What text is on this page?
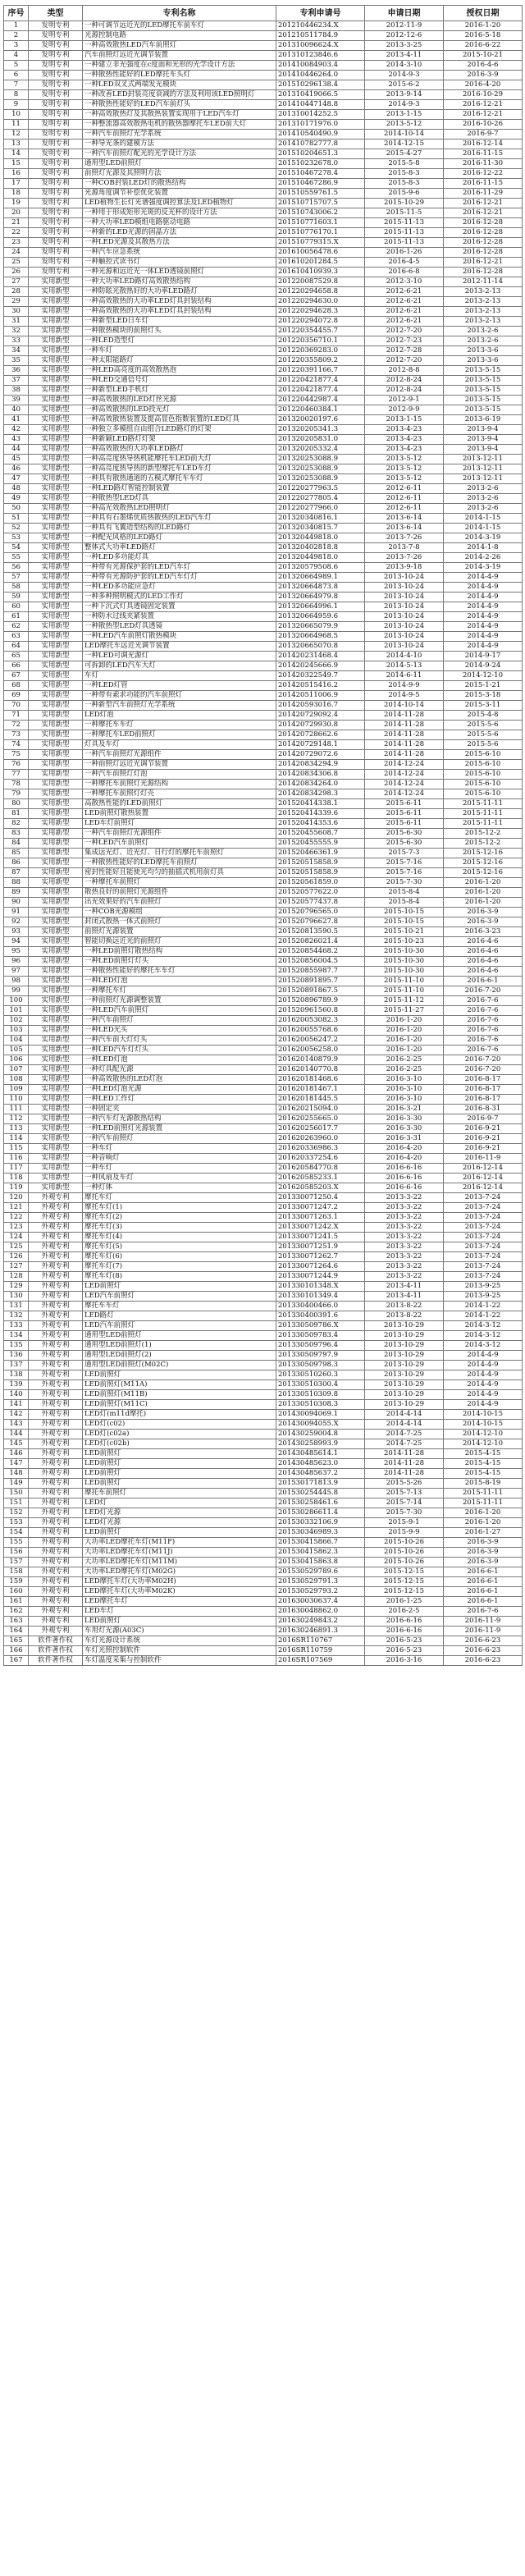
序号	类型	专利名称	专利申请号	申请日期	授权日期
1	发明专利	一种可调节远近光的LED摩托车前车灯	201210446234.X	2012-11-9	2016-1-20
2	发明专利	光源控制电路	201210511784.9	2012-12-6	2016-5-18
3	发明专利	一种高效散热LED汽车前照灯	201310096624.X	2013-3-25	2016-6-22
4	发明专利	汽车前照灯远近光调节装置	201310123846.6	2013-4-11	2015-10-21
5	发明专利	一种建立非光强度在c度面和光形的光学设计方法	201410084903.4	2014-3-10	2016-4-6
6	发明专利	一种散热性能好的LED摩托车头灯	201410446264.0	2014-9-3	2016-3-9
7	发明专利	一种LED双叉式两端发光模块	201510296138.4	2015-6-2	2016-4-20
8	发明专利	一种改善LED封装亮度衰减的方法及利用该LED照明灯	201310419066.5	2013-9-14	2016-10-29
9	发明专利	一种散热性能好的LED汽车前灯头	201410447148.8	2014-9-3	2016-12-21
10	发明专利	一种高效散热灯及其散热装置实现用于LED汽车灯	201310014252.5	2013-1-15	2016-12-21
11	发明专利	一种整流器高效散热电机的散热器摩托车LED前大灯	201310171976.0	2013-5-12	2016-10-26
12	发明专利	一种汽车前照灯光学系统	201410540490.9	2014-10-14	2016-9-7
13	发明专利	一种导光条的建模方法	201410782777.8	2014-12-15	2016-12-14
14	发明专利	一种汽车前照灯配光的光学设计方法	201510204651.3	2015-4-27	2016-11-15
15	发明专利	通用型LED前照灯	201510232678.0	2015-5-8	2016-11-30
16	发明专利	前照灯光源及其照明方法	201510467278.4	2015-8-3	2016-12-22
17	发明专利	一种COB封装LED灯的散热结构	201510467286.9	2015-8-3	2016-11-15
18	发明专利	光源角度调节补偿优化装置	201510559761.5	2015-9-6	2016-11-29
19	发明专利	LED植物生长灯光谱强度调控算法及LED植物灯	201510715707.5	2015-10-29	2016-12-21
20	发明专利	一种用于形成矩形光斑的反光杯的设计方法	201510743006.2	2015-11-5	2016-12-21
21	发明专利	一种大功率LED模组电路驱动电路	201510771603.1	2015-11-13	2016-12-28
22	发明专利	一种新的LED光源的固晶方法	201510776170.1	2015-11-13	2016-12-28
23	发明专利	一种LED光源及其散热方法	201510779315.X	2015-11-13	2016-12-28
24	发明专利	一种汽车应急系统	201610056478.6	2016-1-26	2016-12-28
25	发明专利	一种触控式读书灯	201610201284.5	2016-4-5	2016-12-21
26	发明专利	一种光源和远近光一体LED透镜前照灯	201610410939.3	2016-6-8	2016-12-28
27	实用新型	一种大功率LED路灯高效散热结构	201220087529.8	2012-3-10	2012-11-14
28	实用新型	一种防眩光散热好的大功率LED路灯	201220294658.8	2012-6-21	2013-2-13
29	实用新型	一种高效散热的大功率LED灯具封装结构	201220294630.0	2012-6-21	2013-2-13
30	实用新型	一种高效散热的大功率LED灯具封装结构	201220294628.3	2012-6-21	2013-2-13
31	实用新型	一种新型LED日车灯	201220294072.8	2012-6-21	2013-2-13
32	实用新型	一种散热模块的前照灯头	201220354455.7	2012-7-20	2013-2-6
33	实用新型	一种LED造型灯	201220356710.1	2012-7-23	2013-2-6
34	实用新型	一种车灯	201220369283.0	2012-7-28	2013-3-6
35	实用新型	一种太阳能路灯	201220355809.2	2012-7-20	2013-3-6
36	实用新型	一种LED高亮度的高效散热泡	201220391166.7	2012-8-8	2013-5-15
37	实用新型	一种LED交通信号灯	201220421877.4	2012-8-24	2013-5-15
38	实用新型	一种新型LED手机灯	201220421877.4	2012-8-24	2013-5-15
39	实用新型	一种高效散热的LED灯丝光源	201220442987.4	2012-9-1	2013-5-15
40	实用新型	一种高效散热的LED投光灯	201220460384.1	2012-9-9	2013-5-15
41	实用新型	一种高效散热装置及提高显色指数装置的LED灯具	201320020197.6	2013-1-15	2013-6-19
42	实用新型	一种独立多模组自由组合LED路灯的灯架	201320205341.3	2013-4-23	2013-9-4
43	实用新型	一种新颖LED路灯灯架	201320205831.0	2013-4-23	2013-9-4
44	实用新型	一种高效散热的大功率LED路灯	201320205332.4	2013-4-23	2013-9-4
45	实用新型	一种高亮度热导热机能摩托车LED前大灯	201320253088.9	2013-5-12	2013-12-11
46	实用新型	一种高亮度热导热的新型摩托车LED车灯	201320253088.9	2013-5-12	2013-12-11
47	实用新型	一种具有散热通道的五模式摩托车车灯	201320253088.9	2013-5-12	2013-12-11
48	实用新型	一种LED路灯智能控制装置	201220277963.5	2012-6-11	2013-2-6
49	实用新型	一种散热型LED灯具	201220277805.4	2012-6-11	2013-2-6
50	实用新型	一种高光效散热LED照明灯	201220277966.0	2012-6-11	2013-2-6
51	实用新型	一种具有石墨烯优质热散热的LED汽车灯	201320340816.1	2013-6-14	2014-1-15
52	实用新型	一种具有飞翼造型结构的LED路灯	201320340815.7	2013-6-14	2014-1-15
53	实用新型	一种配光风格的LED路灯	201320449818.0	2013-7-26	2014-3-19
54	实用新型	整体式大功率LED路灯	201320402818.8	2013-7-8	2014-1-8
55	实用新型	一种LED多功能灯具	201320449818.0	2013-7-26	2014-2-26
56	实用新型	一种带有光源保护套的LED汽车灯	201320579508.6	2013-9-18	2014-3-19
57	实用新型	一种带有光源防护套的LED汽车灯灯	201320664989.1	2013-10-24	2014-4-9
58	实用新型	一种LED多功能应急灯	201320664873.8	2013-10-24	2014-4-9
59	实用新型	一种多种照明模式的LED工作灯	201320664979.8	2013-10-24	2014-4-9
60	实用新型	一种下沉式灯具透镜固定装置	201320664996.1	2013-10-24	2014-4-9
61	实用新型	一种防水过线夹紧装置	201320664959.6	2013-10-24	2014-4-9
62	实用新型	一种散热型LED灯具透镜	201320665079.9	2013-10-24	2014-4-9
63	实用新型	一种LED汽车前照灯散热模块	201320664968.5	2013-10-24	2014-4-9
64	实用新型	LED摩托车远近光调节装置	201320665070.8	2013-10-24	2014-4-9
65	实用新型	一种LED可调光源灯	201420231468.4	2014-4-10	2014-9-17
66	实用新型	可拆卸的LED汽车大灯	201420245666.9	2014-5-13	2014-9-24
67	实用新型	车灯	201420322549.7	2014-6-11	2014-12-10
68	实用新型	一种LED灯管	201420515416.2	2014-9-9	2015-1-21
69	实用新型	一种带有索求功能的汽车前照灯	201420511006.9	2014-9-5	2015-3-18
70	实用新型	一种新型汽车前照灯光学系统	201420593016.7	2014-10-14	2015-3-11
71	实用新型	LED灯泡	201420729092.4	2014-11-28	2015-4-8
72	实用新型	一种摩托车车灯	201420729930.8	2014-11-28	2015-5-6
73	实用新型	一种摩托车LED前照灯	201420728662.6	2014-11-28	2015-5-6
74	实用新型	灯具及车灯	201420729148.1	2014-11-28	2015-5-6
75	实用新型	一种汽车前照灯光源组件	201420729072.6	2014-11-28	2015-6-10
76	实用新型	一种前照灯远近光调节装置	201420834294.9	2014-12-24	2015-6-10
77	实用新型	一种汽车前照灯灯泡	201420834306.8	2014-12-24	2015-6-10
78	实用新型	一种摩托车前照灯光源结构	201420834264.0	2014-12-24	2015-6-10
79	实用新型	一种摩托车前照灯灯壳	201420834298.3	2014-12-24	2015-6-10
80	实用新型	高散热性能的LED前照灯	201520414338.1	2015-6-11	2015-11-11
81	实用新型	LED前照灯散热装置	201520414339.6	2015-6-11	2015-11-11
82	实用新型	LED车灯前照灯	201520414353.6	2015-6-11	2015-11-11
83	实用新型	一种汽车前照灯光源组件	201520455608.7	2015-6-30	2015-12-2
84	实用新型	一种LED汽车前照灯	201520455555.9	2015-6-30	2015-12-2
85	实用新型	集成远光灯、近光灯、日行灯的摩托车前照灯	201520466361.9	2015-7-3	2015-12-16
86	实用新型	一种散热性能好的LED摩托车前照灯	201520515858.9	2015-7-16	2015-12-16
87	实用新型	密封性能好且能使光均匀的抽插式机用前灯具	201520515858.9	2015-7-16	2015-12-16
88	实用新型	一种摩托车前照灯	201520561859.0	2015-7-30	2016-1-20
89	实用新型	散热良好的前照灯光源组件	201520577622.0	2015-8-4	2016-1-20
90	实用新型	出光效果好的汽车前照灯	201520577437.8	2015-8-4	2016-1-20
91	实用新型	一种COB光源模组	201520796565.0	2015-10-15	2016-3-9
92	实用新型	封闭式散热一体式前照灯	201520796627.8	2015-10-15	2016-3-9
93	实用新型	前照灯光源装置	201520813590.5	2015-10-21	2016-3-23
94	实用新型	智能切换远近光的前照灯	201520826021.4	2015-10-23	2016-4-6
95	实用新型	一种LED前照灯散热结构	201520854468.2	2015-10-30	2016-4-6
96	实用新型	一种LED前照灯灯头	201520856004.5	2015-10-30	2016-4-6
97	实用新型	一种散热性能好的摩托车车灯	201520855987.7	2015-10-30	2016-4-6
98	实用新型	一种LED灯泡	201520891895.7	2015-11-10	2016-6-1
99	实用新型	一种摩托车灯	201520891867.5	2015-11-10	2016-7-20
100	实用新型	一种前照灯光源调整装置	201520896789.9	2015-11-12	2016-7-6
101	实用新型	一种LED汽车前照灯	201520961560.8	2015-11-27	2016-7-6
102	实用新型	一种汽车前照灯	201620053082.3	2016-1-20	2016-7-6
103	实用新型	一种LED光头	201620055768.6	2016-1-20	2016-7-6
104	实用新型	一种汽车前大灯灯头	201620056247.2	2016-1-20	2016-7-6
105	实用新型	一种LED汽车灯灯头	201620056258.0	2016-1-20	2016-7-6
106	实用新型	一种LED灯泡	201620140879.9	2016-2-25	2016-7-20
107	实用新型	一种灯具配光源	201620140770.8	2016-2-25	2016-7-20
108	实用新型	一种高效散热的LED灯泡	201620181468.6	2016-3-10	2016-8-17
109	实用新型	一种LED灯泡光源	201620181467.1	2016-3-10	2016-8-17
110	实用新型	一种LED工作灯	201620181445.5	2016-3-10	2016-8-17
111	实用新型	一种固定夹	201620215094.0	2016-3-21	2016-8-31
112	实用新型	一种汽车灯光源散热结构	201620255665.0	2016-3-30	2016-9-7
113	实用新型	一种LED前照灯光源装置	201620256017.7	2016-3-30	2016-9-21
114	实用新型	一种汽车前照灯	201620263960.0	2016-3-31	2016-9-21
115	实用新型	一种车灯	201620336986.3	2016-4-20	2016-9-21
116	实用新型	一种音响灯	201620337254.6	2016-4-20	2016-11-9
117	实用新型	一种车灯	201620584770.8	2016-6-16	2016-12-14
118	实用新型	一种风扇及车灯	201620585233.1	2016-6-16	2016-12-14
119	实用新型	一种灯体	201620585203.X	2016-6-16	2016-12-14
120	外观专利	摩托车灯	201330071250.4	2013-3-22	2013-7-24
121	外观专利	摩托车灯(1)	201330071247.2	2013-3-22	2013-7-24
122	外观专利	摩托车灯(2)	201330071263.1	2013-3-22	2013-7-24
123	外观专利	摩托车灯(3)	201330071242.X	2013-3-22	2013-7-24
124	外观专利	摩托车灯(4)	201330071241.5	2013-3-22	2013-7-24
125	外观专利	摩托车灯(5)	201330071251.9	2013-3-22	2013-7-24
126	外观专利	摩托车灯(6)	201330071262.7	2013-3-22	2013-7-24
127	外观专利	摩托车灯(7)	201330071264.6	2013-3-22	2013-7-24
128	外观专利	摩托车灯(8)	201330071244.9	2013-3-22	2013-7-24
129	外观专利	LED前照灯	201330101348.X	2013-4-11	2013-9-25
130	外观专利	LED汽车前照灯	201330101349.4	2013-4-11	2013-9-25
131	外观专利	摩托车车灯	201330400466.0	2013-8-22	2014-1-22
132	外观专利	LED路灯	201330400391.6	2013-8-22	2014-1-22
133	外观专利	LED汽车前照灯	201330509786.X	2013-10-29	2014-3-12
134	外观专利	通用型LED前照灯	201330509783.4	2013-10-29	2014-3-12
135	外观专利	通用型LED前照灯(1)	201330509796.4	2013-10-29	2014-3-12
136	外观专利	通用型LED前照灯(2)	201330509797.9	2013-10-29	2014-4-9
137	外观专利	通用型LED前照灯(M02C)	201330509798.3	2013-10-29	2014-4-9
138	外观专利	LED前照灯	201330510260.3	2013-10-29	2014-4-9
139	外观专利	LED前照灯(M11A)	201330510300.4	2013-10-29	2014-4-9
140	外观专利	LED前照灯(M11B)	201330510309.8	2013-10-29	2014-4-9
141	外观专利	LED前照灯(M11C)	201330510308.3	2013-10-29	2014-4-9
142	外观专利	LED灯(m11d摩托)	201430094069.1	2014-4-14	2014-10-15
143	外观专利	LED灯(c02)	201430094055.X	2014-4-14	2014-10-15
144	外观专利	LED灯(c02a)	201430259004.8	2014-7-25	2014-12-10
145	外观专利	LED灯(c02b)	201430258993.9	2014-7-25	2014-12-10
146	外观专利	LED前照灯	201430485614.1	2014-11-28	2015-4-15
147	外观专利	LED前照灯	201430485623.0	2014-11-28	2015-4-15
148	外观专利	LED前照灯	201430485637.2	2014-11-28	2015-4-15
149	外观专利	LED前照灯	201530171813.9	2015-5-26	2015-8-19
150	外观专利	摩托车前照灯	201530254445.8	2015-7-13	2015-11-11
151	外观专利	LED灯	201530258461.6	2015-7-14	2015-11-11
152	外观专利	LED灯光源	201530286611.4	2015-7-30	2016-1-20
153	外观专利	LED灯光源	201530332106.9	2015-9-1	2016-1-20
154	外观专利	LED前照灯	201530346989.3	2015-9-9	2016-1-27
155	外观专利	大功率LED摩托车灯(M11F)	201530415866.7	2015-10-26	2016-3-9
156	外观专利	大功率LED摩托车灯(M11J)	201530415862.3	2015-10-26	2016-3-9
157	外观专利	大功率LED摩托车灯(M11M)	201530415863.8	2015-10-26	2016-3-9
158	外观专利	大功率LED摩托车灯(M02G)	201530529789.6	2015-12-15	2016-6-1
159	外观专利	LED摩托车灯(大功率M02H)	201530529791.3	2015-12-15	2016-6-1
160	外观专利	LED摩托车灯(大功率M02K)	201530529793.2	2015-12-15	2016-6-1
161	外观专利	LED摩托车灯	201630030637.4	2016-1-25	2016-6-1
162	外观专利	LED车灯	201630048862.0	2016-2-5	2016-7-6
163	外观专利	LED前照灯	201630249843.2	2016-6-16	2016-11-9
164	外观专利	车用灯光源(A03C)	201630246891.3	2016-6-16	2016-11-9
165	软件著作权	车灯光源设计系统	2016SR110767	2016-5-23	2016-6-23
166	软件著作权	车灯光照控制软件	2016SR110759	2016-5-23	2016-6-23
167	软件著作权	车灯温度采集与控制软件	2016SR107569	2016-3-16	2016-6-23
